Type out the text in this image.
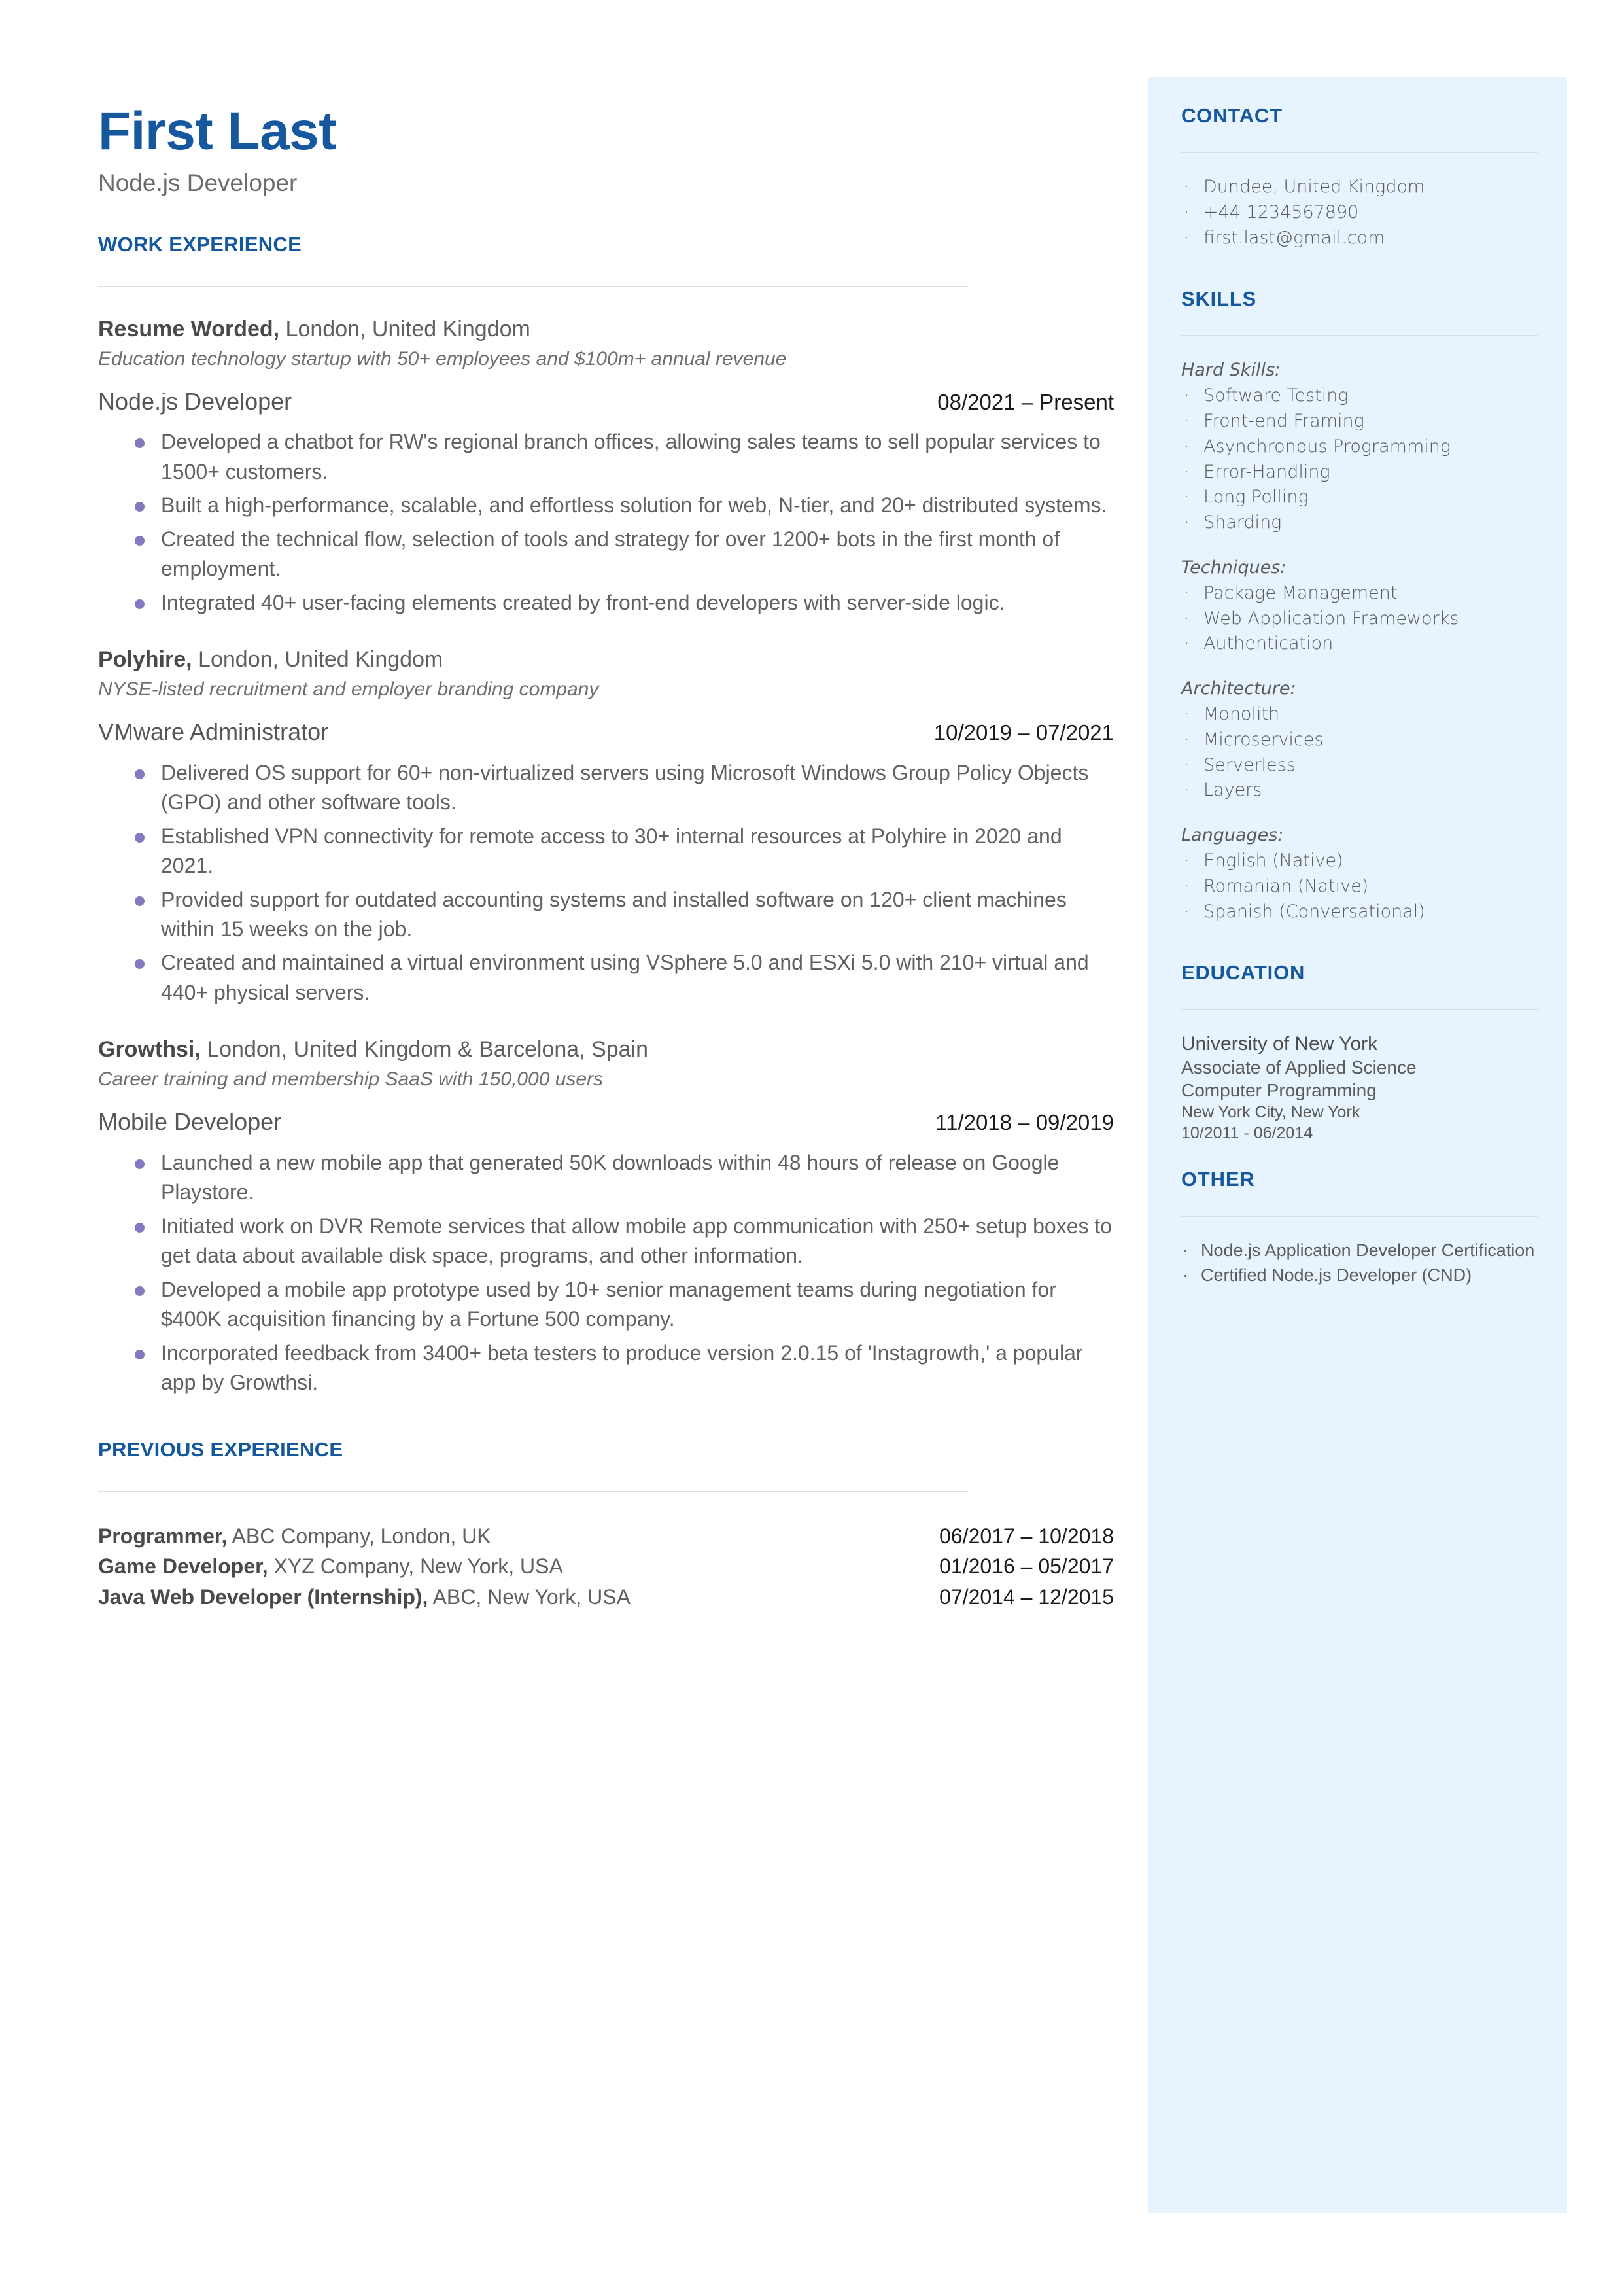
First Last
Node.js Developer
WORK EXPERIENCE
Resume Worded, London, United Kingdom
Education technology startup with 50+ employees and $100m+ annual revenue
Node.js Developer	08/2021 – Present
Developed a chatbot for RW's regional branch offices, allowing sales teams to sell popular services to 1500+ customers.
Built a high-performance, scalable, and effortless solution for web, N-tier, and 20+ distributed systems.
Created the technical flow, selection of tools and strategy for over 1200+ bots in the first month of employment.
Integrated 40+ user-facing elements created by front-end developers with server-side logic.
Polyhire, London, United Kingdom
NYSE-listed recruitment and employer branding company
VMware Administrator	10/2019 – 07/2021
Delivered OS support for 60+ non-virtualized servers using Microsoft Windows Group Policy Objects (GPO) and other software tools.
Established VPN connectivity for remote access to 30+ internal resources at Polyhire in 2020 and 2021.
Provided support for outdated accounting systems and installed software on 120+ client machines within 15 weeks on the job.
Created and maintained a virtual environment using VSphere 5.0 and ESXi 5.0 with 210+ virtual and 440+ physical servers.
Growthsi, London, United Kingdom & Barcelona, Spain
Career training and membership SaaS with 150,000 users
Mobile Developer	11/2018 – 09/2019
Launched a new mobile app that generated 50K downloads within 48 hours of release on Google Playstore.
Initiated work on DVR Remote services that allow mobile app communication with 250+ setup boxes to get data about available disk space, programs, and other information.
Developed a mobile app prototype used by 10+ senior management teams during negotiation for $400K acquisition financing by a Fortune 500 company.
Incorporated feedback from 3400+ beta testers to produce version 2.0.15 of 'Instagrowth,' a popular app by Growthsi.
PREVIOUS EXPERIENCE
Programmer, ABC Company, London, UK	06/2017 – 10/2018
Game Developer, XYZ Company, New York, USA	01/2016 – 05/2017
Java Web Developer (Internship), ABC, New York, USA	07/2014 – 12/2015
CONTACT
· Dundee, United Kingdom
· +44 1234567890
· first.last@gmail.com
SKILLS
Hard Skills:
· Software Testing
· Front-end Framing
· Asynchronous Programming
· Error-Handling
· Long Polling
· Sharding
Techniques:
· Package Management
· Web Application Frameworks
· Authentication
Architecture:
· Monolith
· Microservices
· Serverless
· Layers
Languages:
· English (Native)
· Romanian (Native)
· Spanish (Conversational)
EDUCATION
University of New York
Associate of Applied Science
Computer Programming
New York City, New York
10/2011 - 06/2014
OTHER
· Node.js Application Developer Certification
· Certified Node.js Developer (CND)
